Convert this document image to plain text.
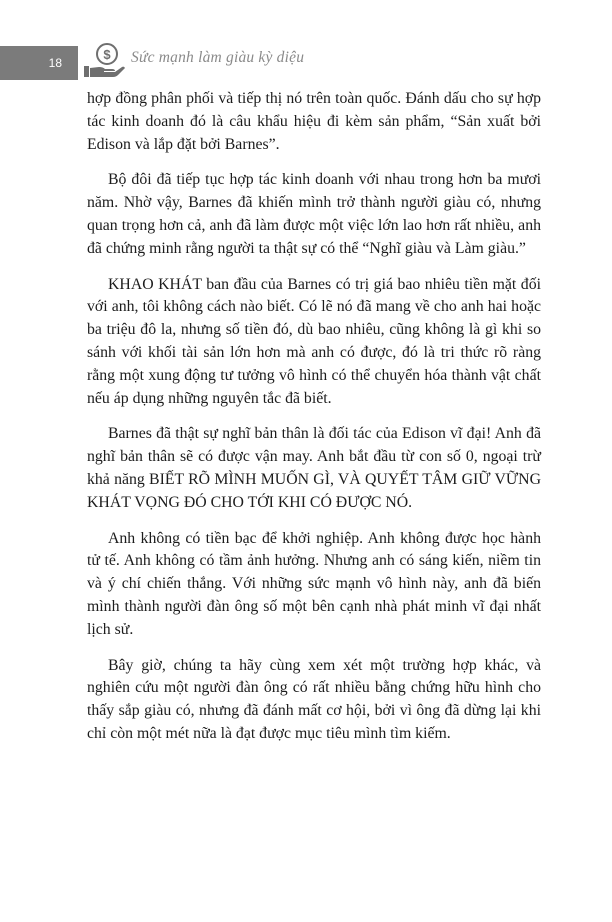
18
$ Sức mạnh làm giàu kỳ diệu

hợp đồng phân phối và tiếp thị nó trên toàn quốc. Đánh dấu cho sự hợp tác kinh doanh đó là câu khẩu hiệu đi kèm sản phẩm, “Sản xuất bởi Edison và lắp đặt bởi Barnes”.

Bộ đôi đã tiếp tục hợp tác kinh doanh với nhau trong hơn ba mươi năm. Nhờ vậy, Barnes đã khiến mình trở thành người giàu có, nhưng quan trọng hơn cả, anh đã làm được một việc lớn lao hơn rất nhiều, anh đã chứng minh rằng người ta thật sự có thể “Nghĩ giàu và Làm giàu.”

KHAO KHÁT ban đầu của Barnes có trị giá bao nhiêu tiền mặt đối với anh, tôi không cách nào biết. Có lẽ nó đã mang về cho anh hai hoặc ba triệu đô la, nhưng số tiền đó, dù bao nhiêu, cũng không là gì khi so sánh với khối tài sản lớn hơn mà anh có được, đó là tri thức rõ ràng rằng một xung động tư tưởng vô hình có thể chuyển hóa thành vật chất nếu áp dụng những nguyên tắc đã biết.

Barnes đã thật sự nghĩ bản thân là đối tác của Edison vĩ đại! Anh đã nghĩ bản thân sẽ có được vận may. Anh bắt đầu từ con số 0, ngoại trừ khả năng BIẾT RÕ MÌNH MUỐN GÌ, VÀ QUYẾT TÂM GIỮ VỮNG KHÁT VỌNG ĐÓ CHO TỚI KHI CÓ ĐƯỢC NÓ.

Anh không có tiền bạc để khởi nghiệp. Anh không được học hành tử tế. Anh không có tầm ảnh hưởng. Nhưng anh có sáng kiến, niềm tin và ý chí chiến thắng. Với những sức mạnh vô hình này, anh đã biến mình thành người đàn ông số một bên cạnh nhà phát minh vĩ đại nhất lịch sử.

Bây giờ, chúng ta hãy cùng xem xét một trường hợp khác, và nghiên cứu một người đàn ông có rất nhiều bằng chứng hữu hình cho thấy sắp giàu có, nhưng đã đánh mất cơ hội, bởi vì ông đã dừng lại khi chỉ còn một mét nữa là đạt được mục tiêu mình tìm kiếm.
